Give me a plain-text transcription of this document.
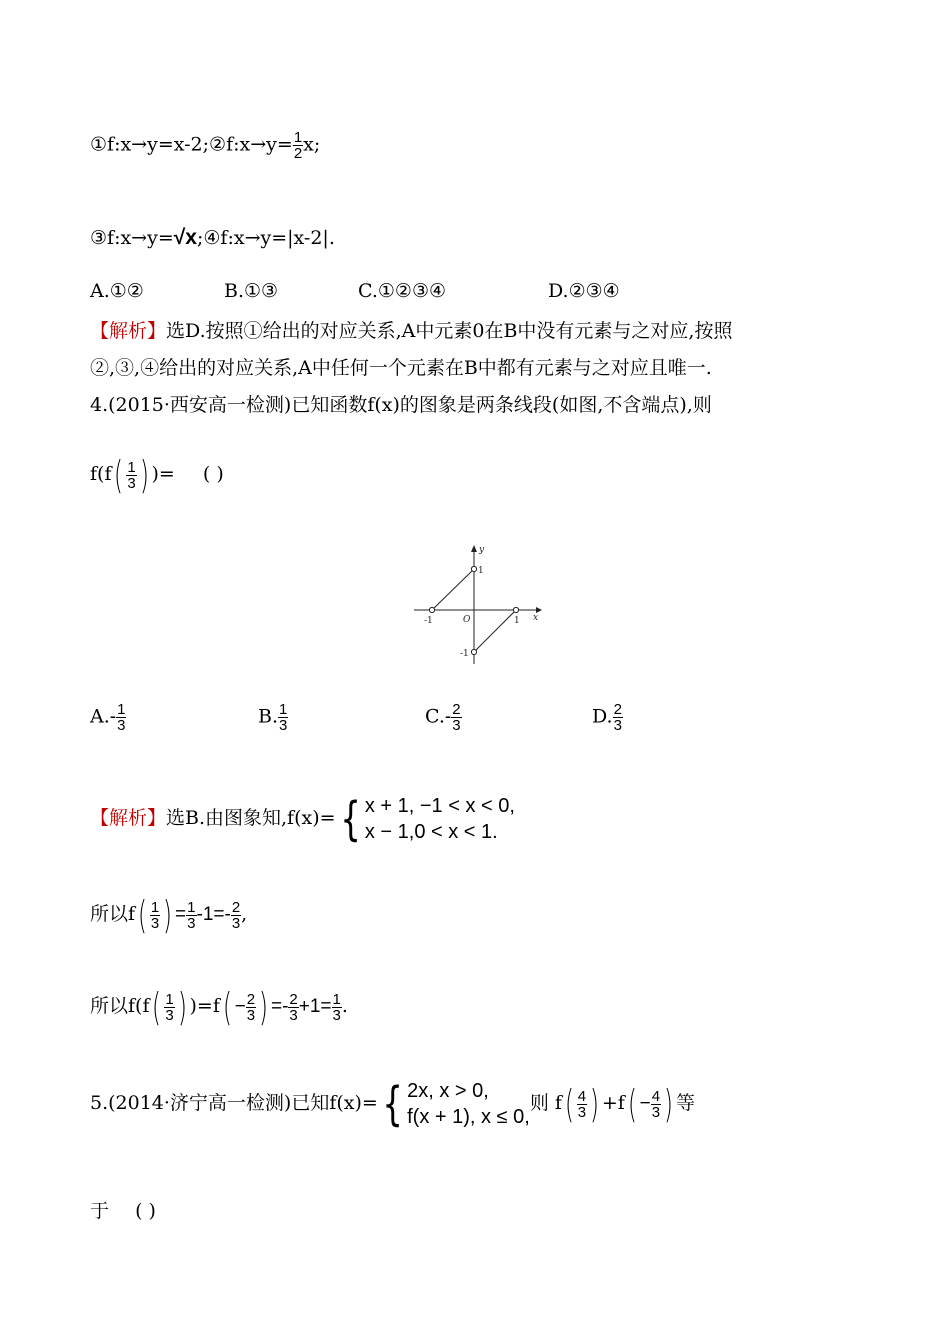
①f:x→y=x-2;②f:x→y= $\frac{1}{2} x$;
③f:x→y=√x;④f:x→y=|x-2|.
A.①②	B.①③	C.①②③④	D.②③④
【解析】选D.按照①给出的对应关系,A中元素0在B中没有元素与之对应,按照
②,③,④给出的对应关系,A中任何一个元素在B中都有元素与之对应且唯一.
4.(2015·西安高一检测)已知函数f(x)的图象是两条线段(如图,不含端点),则
$f(f( \frac{1}{3}$ ) )= ( )
y
x
O
1
-1
-1	1
$A.- \frac{1}{3}$	B. $\frac{1}{3}$	$C.- \frac{2}{3}$	D. $\frac{2}{3}$
【解析】选B.由图象知,f(x)={ x + 1, −1 < x < 0,
x − 1,0 < x < 1.
所以$f( \frac{1}{3}$ ) = $\frac{1}{3} -1=- \frac{2}{3}$ ,
所以$f(f( \frac{1}{3}$ ) )$=f( - \frac{2}{3}$ ) =- $\frac{2}{3} +1= \frac{1}{3}$ .
5.(2014·济宁高一检测)已知f(x)={ 2x, x > 0,
f(x + 1), x ≤ 0,
则 $f( \frac{4}{3}$ ) $+f( - \frac{4}{3}$ ) 等
于 ( )
